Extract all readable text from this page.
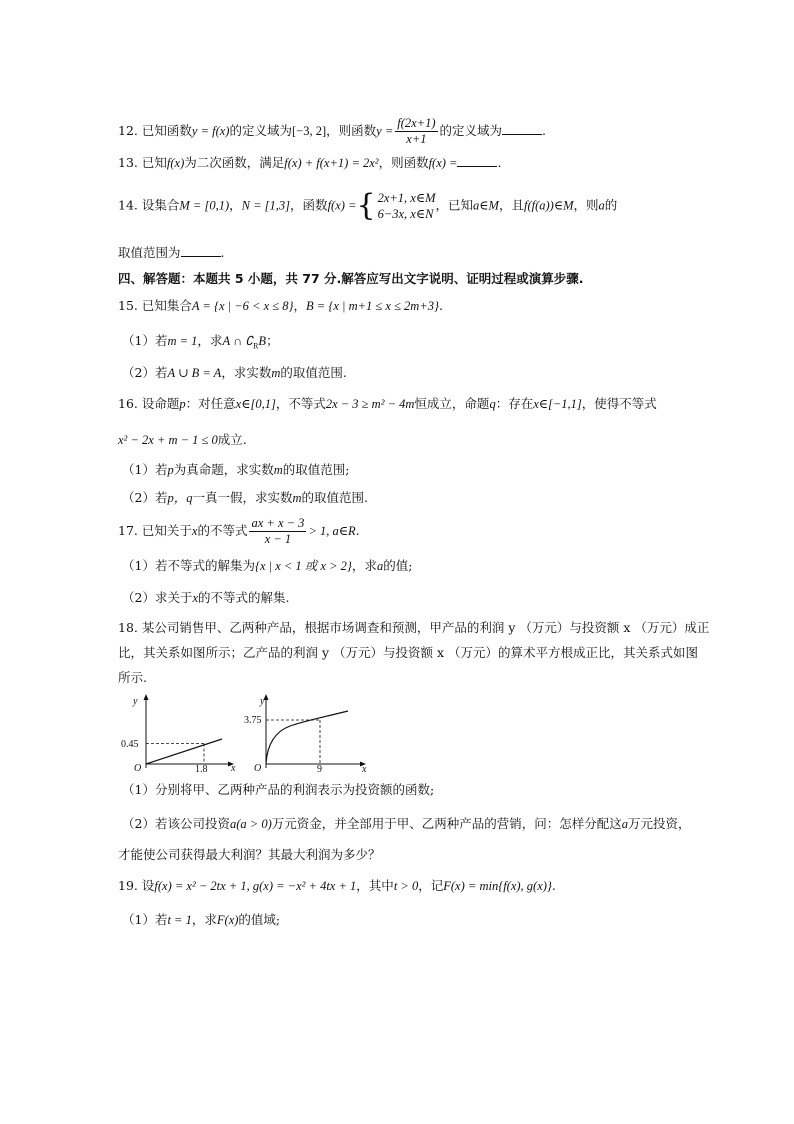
12. 已知函数y = f(x)的定义域为[−3, 2]，则函数$y = \frac{f(2x+1)}{x+1}$ 的定义域为	.
13. 已知f(x)为二次函数，满足f(x) + f(x+1) = 2x²，则函数f(x) =	.
14. 设集合M = [0,1)，N = [1,3]，函数f(x) ={ 2x+1, x∈M
6−3x, x∈N
，已知a∈M，且f(f(a))∈M，则a的
取值范围为	.
四、解答题：本题共 5 小题，共 77 分.解答应写出文字说明、证明过程或演算步骤.
15. 已知集合A = {x | −6 < x ≤ 8}，B = {x | m+1 ≤ x ≤ 2m+3}.
（1）若m = 1，求A ∩ $∁_RB$；
（2）若A ∪ B = A，求实数m的取值范围.
16. 设命题p：对任意x∈[0,1]，不等式2x − 3 ≥ m² − 4m恒成立，命题q：存在x∈[−1,1]，使得不等式
x² − 2x + m − 1 ≤ 0成立.
（1）若p为真命题，求实数m的取值范围;
（2）若p，q一真一假，求实数m的取值范围.
17. 已知关于x的不等式 $\frac{ax + x - 3}{x - 1} > 1$, a∈R.
（1）若不等式的解集为{x | x < 1 或 x > 2}，求a的值;
（2）求关于x的不等式的解集.
18. 某公司销售甲、乙两种产品，根据市场调查和预测，甲产品的利润 y （万元）与投资额 x （万元）成正
比，其关系如图所示；乙产品的利润 y （万元）与投资额 x （万元）的算术平方根成正比，其关系式如图
所示.
y
x
O
0.45
1.8
y
x
O
3.75
9
（1）分别将甲、乙两种产品的利润表示为投资额的函数;
（2）若该公司投资a(a > 0)万元资金，并全部用于甲、乙两种产品的营销，问：怎样分配这a万元投资，
才能使公司获得最大利润？其最大利润为多少？
19. 设f(x) = x² − 2tx + 1, g(x) = −x² + 4tx + 1，其中t > 0，记F(x) = min{f(x), g(x)}.
（1）若t = 1，求F(x)的值域;
